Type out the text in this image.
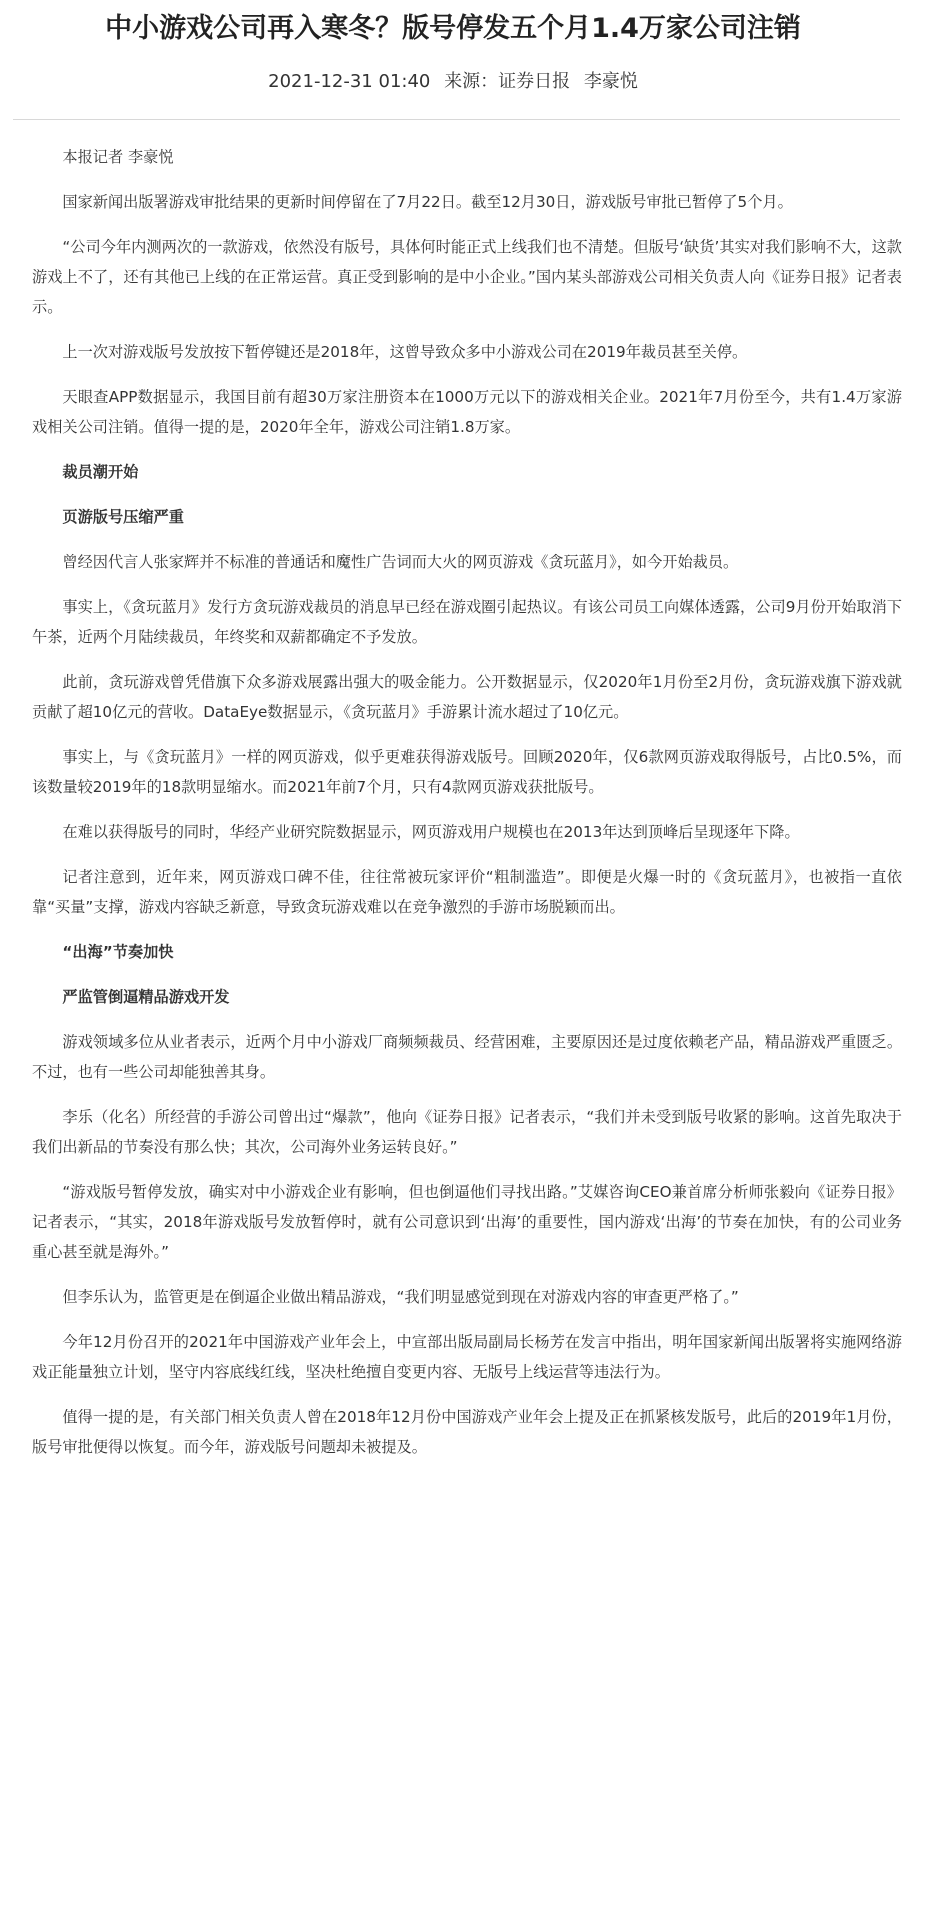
中小游戏公司再入寒冬？版号停发五个月1.4万家公司注销
2021-12-31 01:40 来源：证券日报 李豪悦

本报记者 李豪悦

国家新闻出版署游戏审批结果的更新时间停留在了7月22日。截至12月30日，游戏版号审批已暂停了5个月。

“公司今年内测两次的一款游戏，依然没有版号，具体何时能正式上线我们也不清楚。但版号‘缺货’其实对我们影响不大，这款游戏上不了，还有其他已上线的在正常运营。真正受到影响的是中小企业。”国内某头部游戏公司相关负责人向《证券日报》记者表示。

上一次对游戏版号发放按下暂停键还是2018年，这曾导致众多中小游戏公司在2019年裁员甚至关停。

天眼查APP数据显示，我国目前有超30万家注册资本在1000万元以下的游戏相关企业。2021年7月份至今，共有1.4万家游戏相关公司注销。值得一提的是，2020年全年，游戏公司注销1.8万家。

裁员潮开始

页游版号压缩严重

曾经因代言人张家辉并不标准的普通话和魔性广告词而大火的网页游戏《贪玩蓝月》，如今开始裁员。

事实上，《贪玩蓝月》发行方贪玩游戏裁员的消息早已经在游戏圈引起热议。有该公司员工向媒体透露，公司9月份开始取消下午茶，近两个月陆续裁员，年终奖和双薪都确定不予发放。

此前，贪玩游戏曾凭借旗下众多游戏展露出强大的吸金能力。公开数据显示，仅2020年1月份至2月份，贪玩游戏旗下游戏就贡献了超10亿元的营收。DataEye数据显示，《贪玩蓝月》手游累计流水超过了10亿元。

事实上，与《贪玩蓝月》一样的网页游戏，似乎更难获得游戏版号。回顾2020年，仅6款网页游戏取得版号，占比0.5%，而该数量较2019年的18款明显缩水。而2021年前7个月，只有4款网页游戏获批版号。

在难以获得版号的同时，华经产业研究院数据显示，网页游戏用户规模也在2013年达到顶峰后呈现逐年下降。

记者注意到，近年来，网页游戏口碑不佳，往往常被玩家评价“粗制滥造”。即便是火爆一时的《贪玩蓝月》，也被指一直依靠“买量”支撑，游戏内容缺乏新意，导致贪玩游戏难以在竞争激烈的手游市场脱颖而出。

“出海”节奏加快

严监管倒逼精品游戏开发

游戏领域多位从业者表示，近两个月中小游戏厂商频频裁员、经营困难，主要原因还是过度依赖老产品，精品游戏严重匮乏。不过，也有一些公司却能独善其身。

李乐（化名）所经营的手游公司曾出过“爆款”，他向《证券日报》记者表示，“我们并未受到版号收紧的影响。这首先取决于我们出新品的节奏没有那么快；其次，公司海外业务运转良好。”

“游戏版号暂停发放，确实对中小游戏企业有影响，但也倒逼他们寻找出路。”艾媒咨询CEO兼首席分析师张毅向《证券日报》记者表示，“其实，2018年游戏版号发放暂停时，就有公司意识到‘出海’的重要性，国内游戏‘出海’的节奏在加快，有的公司业务重心甚至就是海外。”

但李乐认为，监管更是在倒逼企业做出精品游戏，“我们明显感觉到现在对游戏内容的审查更严格了。”

今年12月份召开的2021年中国游戏产业年会上，中宣部出版局副局长杨芳在发言中指出，明年国家新闻出版署将实施网络游戏正能量独立计划，坚守内容底线红线，坚决杜绝擅自变更内容、无版号上线运营等违法行为。

值得一提的是，有关部门相关负责人曾在2018年12月份中国游戏产业年会上提及正在抓紧核发版号，此后的2019年1月份，版号审批便得以恢复。而今年，游戏版号问题却未被提及。
